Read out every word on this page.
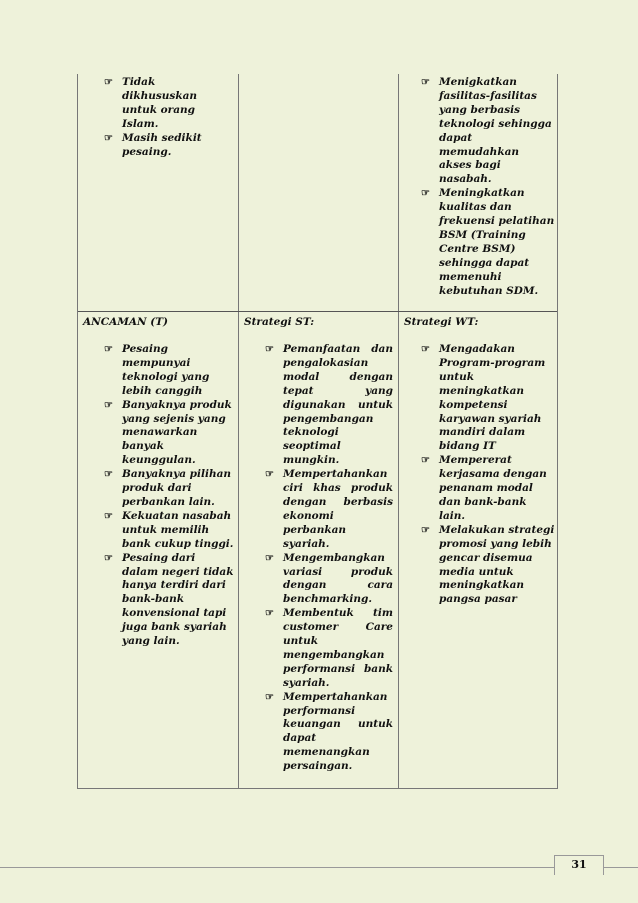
☞ Tidak dikhususkan untuk orang Islam.
☞ Masih sedikit pesaing.
☞ Menigkatkan fasilitas-fasilitas yang berbasis teknologi sehingga dapat memudahkan akses bagi nasabah.
☞ Meningkatkan kualitas dan frekuensi pelatihan BSM (Training Centre BSM) sehingga dapat memenuhi kebutuhan SDM.
ANCAMAN (T)
☞ Pesaing mempunyai teknologi yang lebih canggih
☞ Banyaknya produk yang sejenis yang menawarkan banyak keunggulan.
☞ Banyaknya pilihan produk dari perbankan lain.
☞ Kekuatan nasabah untuk memilih bank cukup tinggi.
☞ Pesaing dari dalam negeri tidak hanya terdiri dari bank-bank konvensional tapi juga bank syariah yang lain.
Strategi ST:
☞ Pemanfaatan dan pengalokasian modal dengan tepat yang digunakan untuk pengembangan teknologi seoptimal mungkin.
☞ Mempertahankan ciri khas produk dengan berbasis ekonomi perbankan syariah.
☞ Mengembangkan variasi produk dengan cara benchmarking.
☞ Membentuk tim customer Care untuk mengembangkan performansi bank syariah.
☞ Mempertahankan performansi keuangan untuk dapat memenangkan persaingan.
Strategi WT:
☞ Mengadakan Program-program untuk meningkatkan kompetensi karyawan syariah mandiri dalam bidang IT
☞ Mempererat kerjasama dengan penanam modal dan bank-bank lain.
☞ Melakukan strategi promosi yang lebih gencar disemua media untuk meningkatkan pangsa pasar
31
